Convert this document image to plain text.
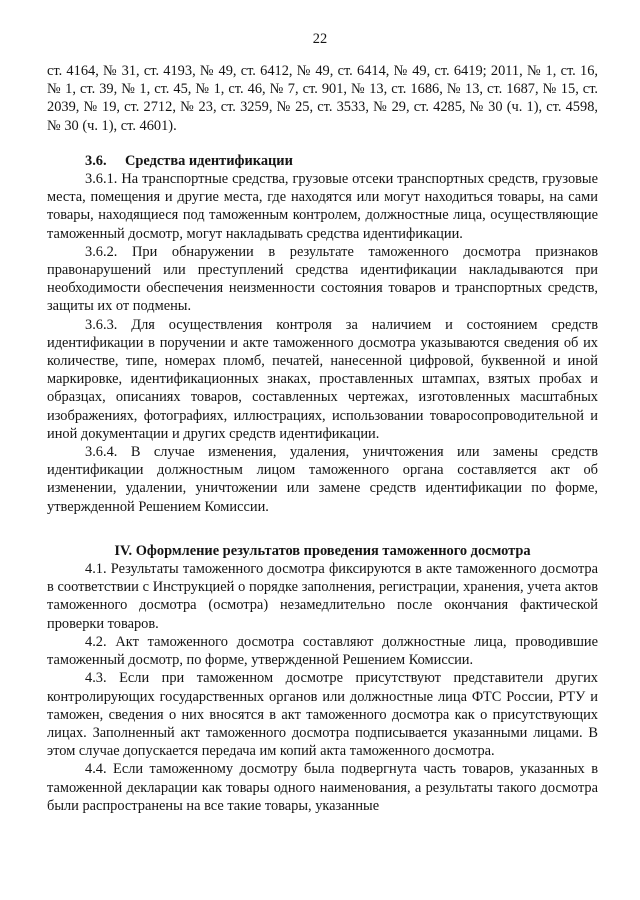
22

ст. 4164, № 31, ст. 4193, № 49, ст. 6412, № 49, ст. 6414, № 49, ст. 6419; 2011, № 1, ст. 16, № 1, ст. 39, № 1, ст. 45, № 1, ст. 46, № 7, ст. 901, № 13, ст. 1686, № 13, ст. 1687, № 15, ст. 2039, № 19, ст. 2712, № 23, ст. 3259, № 25, ст. 3533, № 29, ст. 4285, № 30 (ч. 1), ст. 4598, № 30 (ч. 1), ст. 4601).

3.6. Средства идентификации

3.6.1. На транспортные средства, грузовые отсеки транспортных средств, грузовые места, помещения и другие места, где находятся или могут находиться товары, на сами товары, находящиеся под таможенным контролем, должностные лица, осуществляющие таможенный досмотр, могут накладывать средства идентификации.

3.6.2. При обнаружении в результате таможенного досмотра признаков правонарушений или преступлений средства идентификации накладываются при необходимости обеспечения неизменности состояния товаров и транспортных средств, защиты их от подмены.

3.6.3. Для осуществления контроля за наличием и состоянием средств идентификации в поручении и акте таможенного досмотра указываются сведения об их количестве, типе, номерах пломб, печатей, нанесенной цифровой, буквенной и иной маркировке, идентификационных знаках, проставленных штампах, взятых пробах и образцах, описаниях товаров, составленных чертежах, изготовленных масштабных изображениях, фотографиях, иллюстрациях, использовании товаросопроводительной и иной документации и других средств идентификации.

3.6.4. В случае изменения, удаления, уничтожения или замены средств идентификации должностным лицом таможенного органа составляется акт об изменении, удалении, уничтожении или замене средств идентификации по форме, утвержденной Решением Комиссии.

IV. Оформление результатов проведения таможенного досмотра

4.1. Результаты таможенного досмотра фиксируются в акте таможенного досмотра в соответствии с Инструкцией о порядке заполнения, регистрации, хранения, учета актов таможенного досмотра (осмотра) незамедлительно после окончания фактической проверки товаров.

4.2. Акт таможенного досмотра составляют должностные лица, проводившие таможенный досмотр, по форме, утвержденной Решением Комиссии.

4.3. Если при таможенном досмотре присутствуют представители других контролирующих государственных органов или должностные лица ФТС России, РТУ и таможен, сведения о них вносятся в акт таможенного досмотра как о присутствующих лицах. Заполненный акт таможенного досмотра подписывается указанными лицами. В этом случае допускается передача им копий акта таможенного досмотра.

4.4. Если таможенному досмотру была подвергнута часть товаров, указанных в таможенной декларации как товары одного наименования, а результаты такого досмотра были распространены на все такие товары, указанные
